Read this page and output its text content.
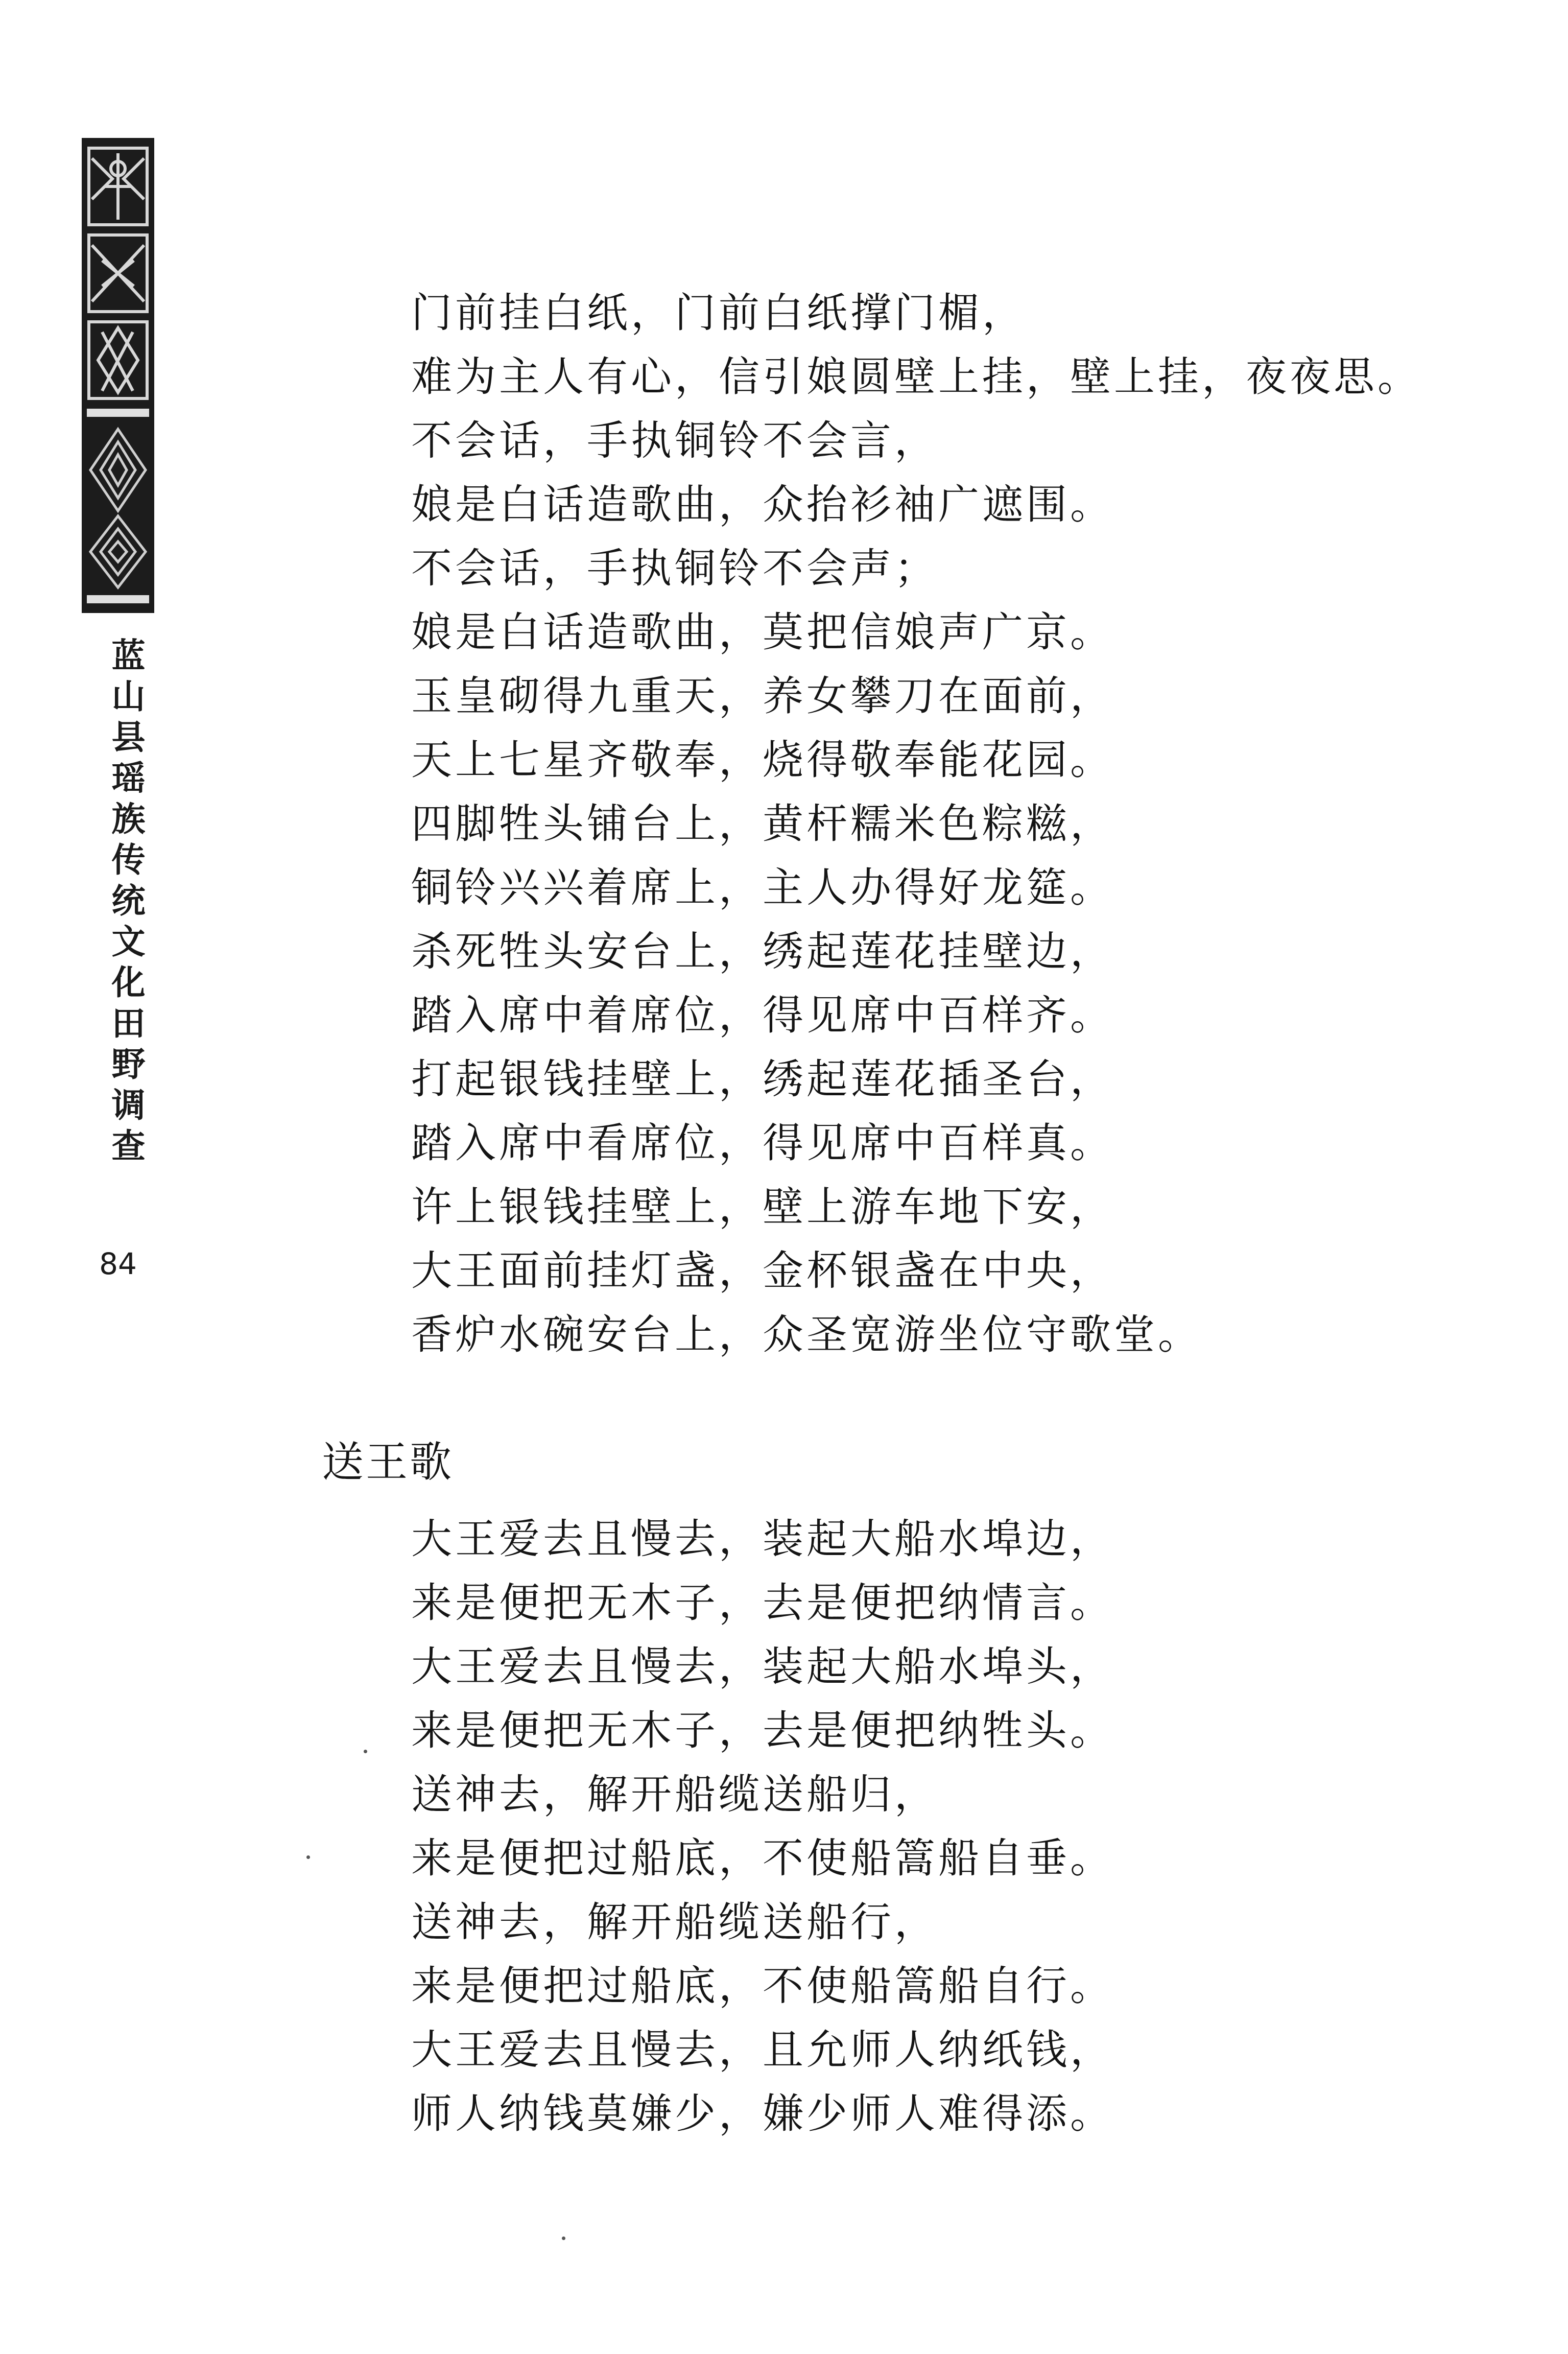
蓝山县瑶族传统文化田野调查
84
门前挂白纸，门前白纸撑门楣，
难为主人有心，信引娘圆壁上挂，壁上挂，夜夜思。
不会话，手执铜铃不会言，
娘是白话造歌曲，众抬衫袖广遮围。
不会话，手执铜铃不会声；
娘是白话造歌曲，莫把信娘声广京。
玉皇砌得九重天，养女攀刀在面前，
天上七星齐敬奉，烧得敬奉能花园。
四脚牲头铺台上，黄杆糯米色粽糍，
铜铃兴兴着席上，主人办得好龙筵。
杀死牲头安台上，绣起莲花挂壁边，
踏入席中着席位，得见席中百样齐。
打起银钱挂壁上，绣起莲花插圣台，
踏入席中看席位，得见席中百样真。
许上银钱挂壁上，壁上游车地下安，
大王面前挂灯盏，金杯银盏在中央，
香炉水碗安台上，众圣宽游坐位守歌堂。
送王歌
大王爱去且慢去，装起大船水埠边，
来是便把无木子，去是便把纳情言。
大王爱去且慢去，装起大船水埠头，
来是便把无木子，去是便把纳牲头。
送神去，解开船缆送船归，
来是便把过船底，不使船篙船自垂。
送神去，解开船缆送船行，
来是便把过船底，不使船篙船自行。
大王爱去且慢去，且允师人纳纸钱，
师人纳钱莫嫌少，嫌少师人难得添。
